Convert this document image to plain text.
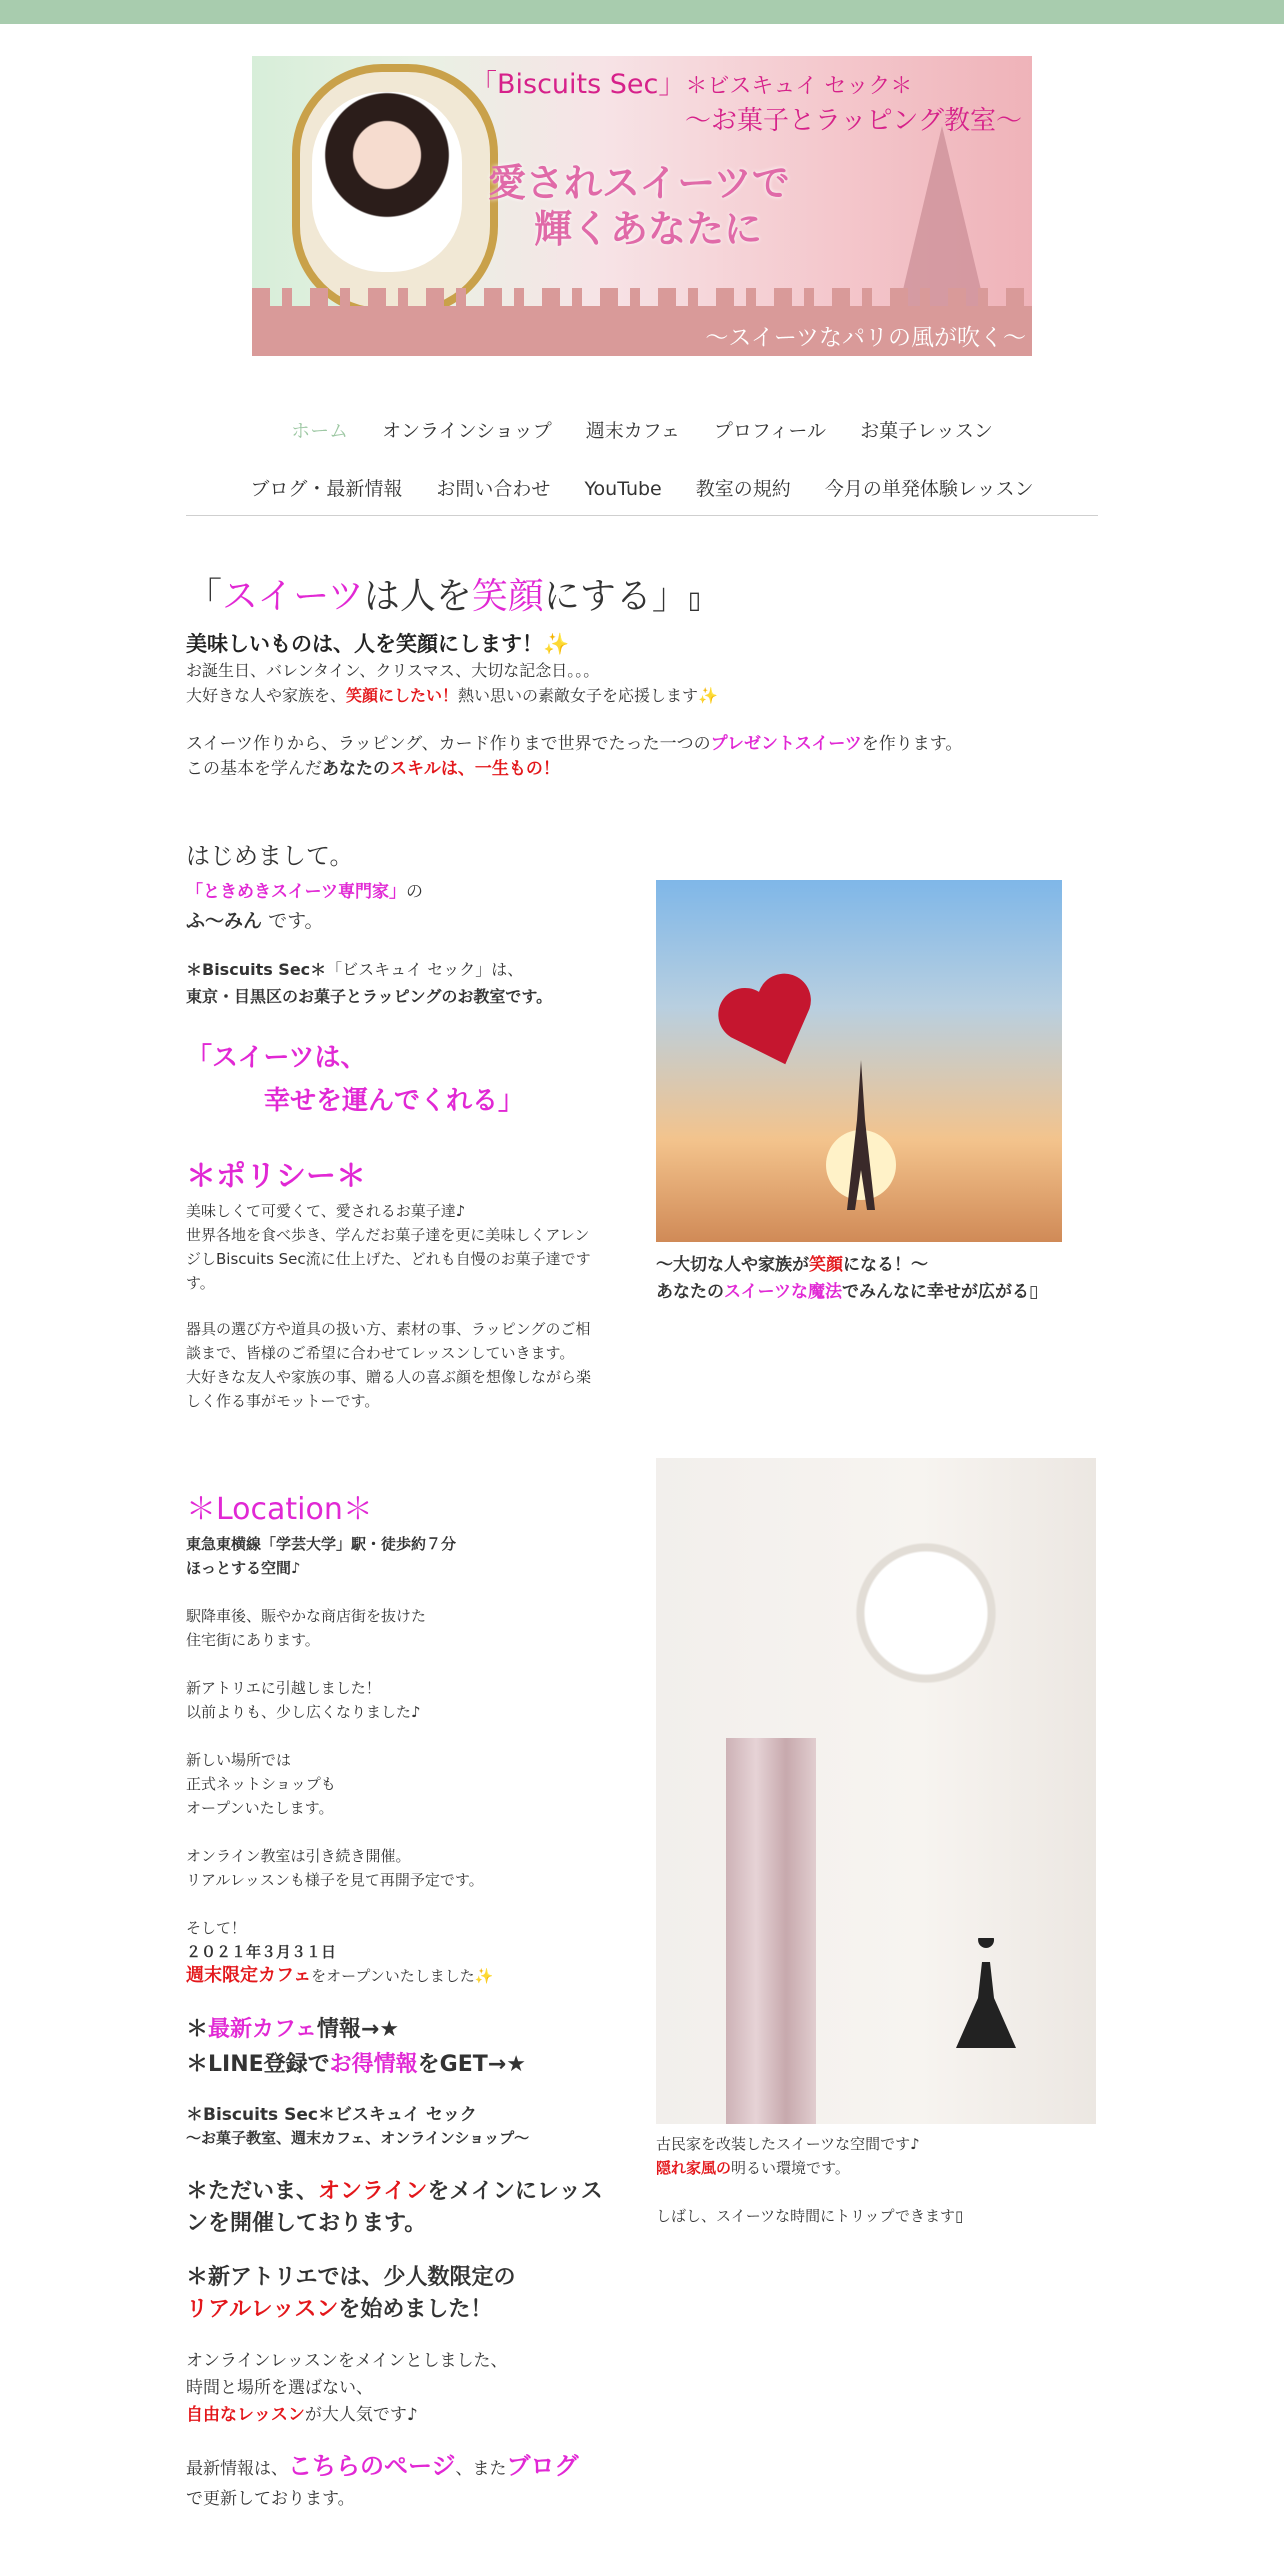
「Biscuits Sec」＊ビスキュイ セック＊
〜お菓子とラッピング教室〜
愛されスイーツで
輝くあなたに
〜スイーツなパリの風が吹く〜
ホーム オンラインショップ 週末カフェ プロフィール お菓子レッスン
ブログ・最新情報 お問い合わせ YouTube 教室の規約 今月の単発体験レッスン
「スイーツは人を笑顔にする」▯
美味しいものは、人を笑顔にします！✨
お誕生日、バレンタイン、クリスマス、大切な記念日。。。
大好きな人や家族を、笑顔にしたい！熱い思いの素敵女子を応援します✨
スイーツ作りから、ラッピング、カード作りまで世界でたった一つのプレゼントスイーツを作ります。
この基本を学んだあなたのスキルは、一生もの！
はじめまして。
「ときめきスイーツ専門家」の
ふ～みん です。
＊Biscuits Sec＊「ビスキュイ セック」は、
東京・目黒区のお菓子とラッピングのお教室です。
「スイーツは、
幸せを運んでくれる」
＊ポリシー＊
美味しくて可愛くて、愛されるお菓子達♪
世界各地を食べ歩き、学んだお菓子達を更に美味しくアレン
ジしBiscuits Sec流に仕上げた、どれも自慢のお菓子達です
す。
器具の選び方や道具の扱い方、素材の事、ラッピングのご相
談まで、皆様のご希望に合わせてレッスンしていきます。
大好きな友人や家族の事、贈る人の喜ぶ顔を想像しながら楽
しく作る事がモットーです。
〜大切な人や家族が笑顔になる！〜
あなたのスイーツな魔法でみんなに幸せが広がる▯
＊Location＊
東急東横線「学芸大学」駅・徒歩約７分
ほっとする空間♪
駅降車後、賑やかな商店街を抜けた
住宅街にあります。
新アトリエに引越しました！
以前よりも、少し広くなりました♪
新しい場所では
正式ネットショップも
オープンいたします。
オンライン教室は引き続き開催。
リアルレッスンも様子を見て再開予定です。
そして！
２０２１年３月３１日
週末限定カフェをオープンいたしました✨
＊最新カフェ情報→★
＊LINE登録でお得情報をGET→★
＊Biscuits Sec＊ビスキュイ セック
〜お菓子教室、週末カフェ、オンラインショップ〜
＊ただいま、オンラインをメインにレッス
ンを開催しております。
＊新アトリエでは、少人数限定の
リアルレッスンを始めました！
オンラインレッスンをメインとしました、
時間と場所を選ばない、
自由なレッスンが大人気です♪
最新情報は、こちらのページ、またブログ
で更新しております。
古民家を改装したスイーツな空間です♪
隠れ家風の明るい環境です。
しばし、スイーツな時間にトリップできます▯
